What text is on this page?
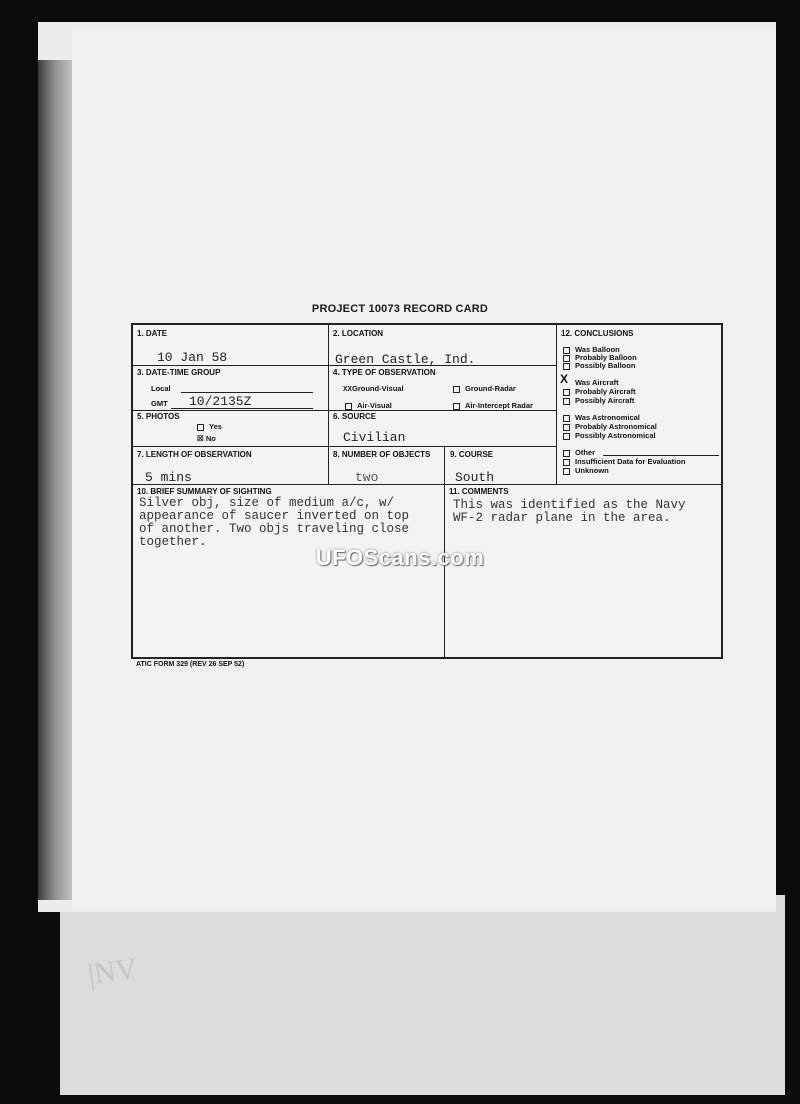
|NV
PROJECT 10073 RECORD CARD
1. DATE
10 Jan 58
2. LOCATION
Green Castle, Ind.
3. DATE-TIME GROUP
Local
GMT 10/2135Z
4. TYPE OF OBSERVATION
XXGround-Visual	Ground-Radar
Air-Visual	Air-Intercept Radar
5. PHOTOS
Yes
☒ No
6. SOURCE
Civilian
7. LENGTH OF OBSERVATION
5 mins
8. NUMBER OF OBJECTS
two
9. COURSE
South
12. CONCLUSIONS
Was Balloon
Probably Balloon
Possibly Balloon
X Was Aircraft
Probably Aircraft
Possibly Aircraft
Was Astronomical
Probably Astronomical
Possibly Astronomical
Other
Insufficient Data for Evaluation
Unknown
10. BRIEF SUMMARY OF SIGHTING
Silver obj, size of medium a/c, w/
appearance of saucer inverted on top
of another. Two objs traveling close
together.
11. COMMENTS
This was identified as the Navy
WF-2 radar plane in the area.
UFOScans.com
ATIC FORM 329 (REV 26 SEP 52)
